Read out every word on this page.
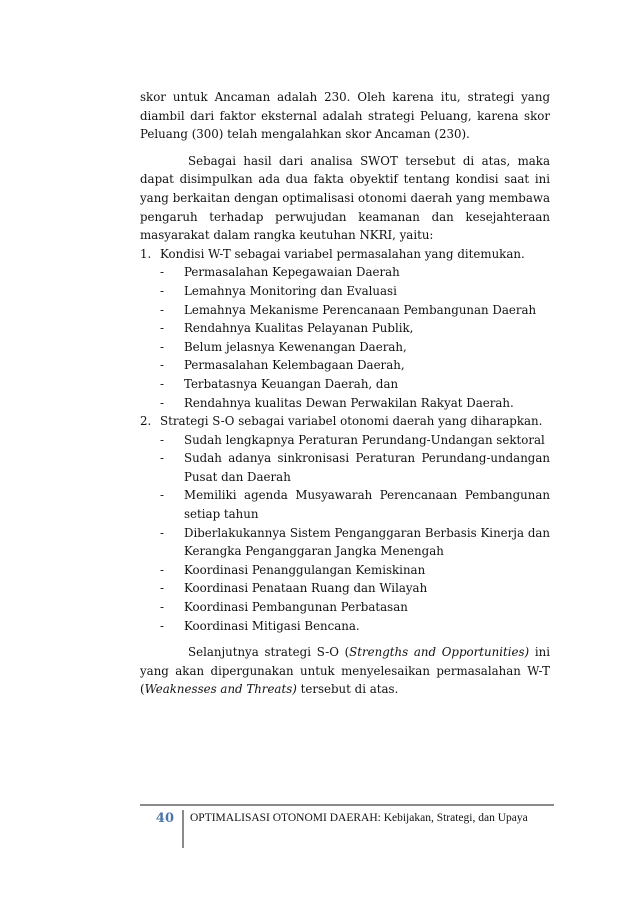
skor untuk Ancaman adalah 230. Oleh karena itu, strategi yang diambil dari faktor eksternal adalah strategi Peluang, karena skor Peluang (300) telah mengalahkan skor Ancaman (230).

Sebagai hasil dari analisa SWOT tersebut di atas, maka dapat disimpulkan ada dua fakta obyektif tentang kondisi saat ini yang berkaitan dengan optimalisasi otonomi daerah yang membawa pengaruh terhadap perwujudan keamanan dan kesejahteraan masyarakat dalam rangka keutuhan NKRI, yaitu:

1. Kondisi W-T sebagai variabel permasalahan yang ditemukan.
-	Permasalahan Kepegawaian Daerah
-	Lemahnya Monitoring dan Evaluasi
-	Lemahnya Mekanisme Perencanaan Pembangunan Daerah
-	Rendahnya Kualitas Pelayanan Publik,
-	Belum jelasnya Kewenangan Daerah,
-	Permasalahan Kelembagaan Daerah,
-	Terbatasnya Keuangan Daerah, dan
-	Rendahnya kualitas Dewan Perwakilan Rakyat Daerah.
2. Strategi S-O sebagai variabel otonomi daerah yang diharapkan.
-	Sudah lengkapnya Peraturan Perundang-Undangan sektoral
-	Sudah adanya sinkronisasi Peraturan Perundang-undangan Pusat dan Daerah
-	Memiliki agenda Musyawarah Perencanaan Pembangunan setiap tahun
-	Diberlakukannya Sistem Penganggaran Berbasis Kinerja dan Kerangka Penganggaran Jangka Menengah
-	Koordinasi Penanggulangan Kemiskinan
-	Koordinasi Penataan Ruang dan Wilayah
-	Koordinasi Pembangunan Perbatasan
-	Koordinasi Mitigasi Bencana.

Selanjutnya strategi S-O (Strengths and Opportunities) ini yang akan dipergunakan untuk menyelesaikan permasalahan W-T (Weaknesses and Threats) tersebut di atas.

40	OPTIMALISASI OTONOMI DAERAH: Kebijakan, Strategi, dan Upaya
